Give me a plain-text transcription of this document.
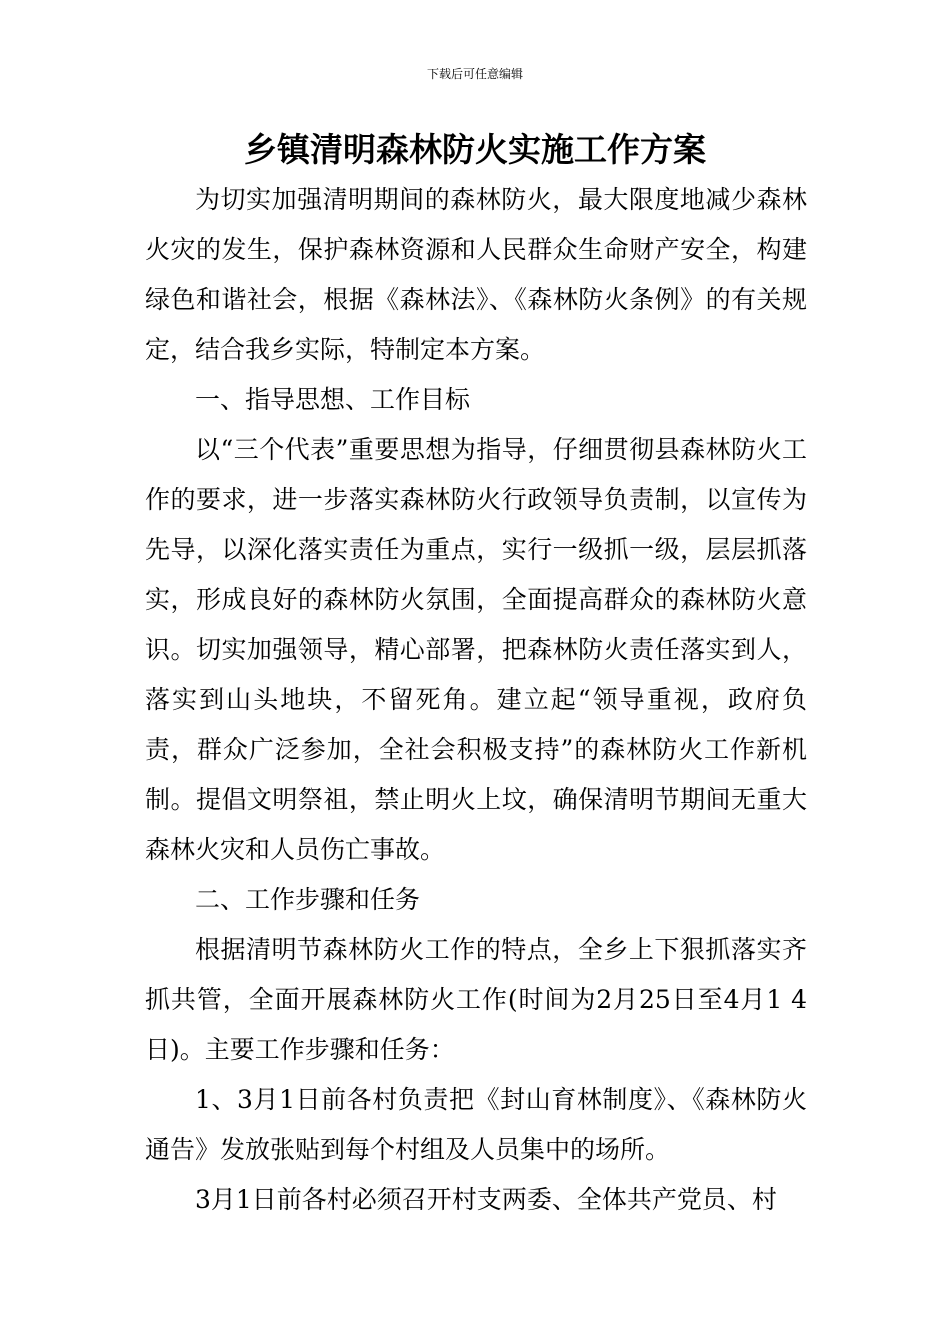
下载后可任意编辑
乡镇清明森林防火实施工作方案

为切实加强清明期间的森林防火，最大限度地减少森林火灾的发生，保护森林资源和人民群众生命财产安全，构建绿色和谐社会，根据《森林法》、《森林防火条例》的有关规定，结合我乡实际，特制定本方案。

一、指导思想、工作目标

以“三个代表”重要思想为指导，仔细贯彻县森林防火工作的要求，进一步落实森林防火行政领导负责制，以宣传为先导，以深化落实责任为重点，实行一级抓一级，层层抓落实，形成良好的森林防火氛围，全面提高群众的森林防火意识。切实加强领导，精心部署，把森林防火责任落实到人，落实到山头地块，不留死角。建立起“领导重视，政府负责，群众广泛参加，全社会积极支持”的森林防火工作新机制。提倡文明祭祖，禁止明火上坟，确保清明节期间无重大森林火灾和人员伤亡事故。

二、工作步骤和任务

根据清明节森林防火工作的特点，全乡上下狠抓落实齐抓共管，全面开展森林防火工作(时间为2月25日至4月1 4日)。主要工作步骤和任务：

1、3月1日前各村负责把《封山育林制度》、《森林防火通告》发放张贴到每个村组及人员集中的场所。

3月1日前各村必须召开村支两委、全体共产党员、村
